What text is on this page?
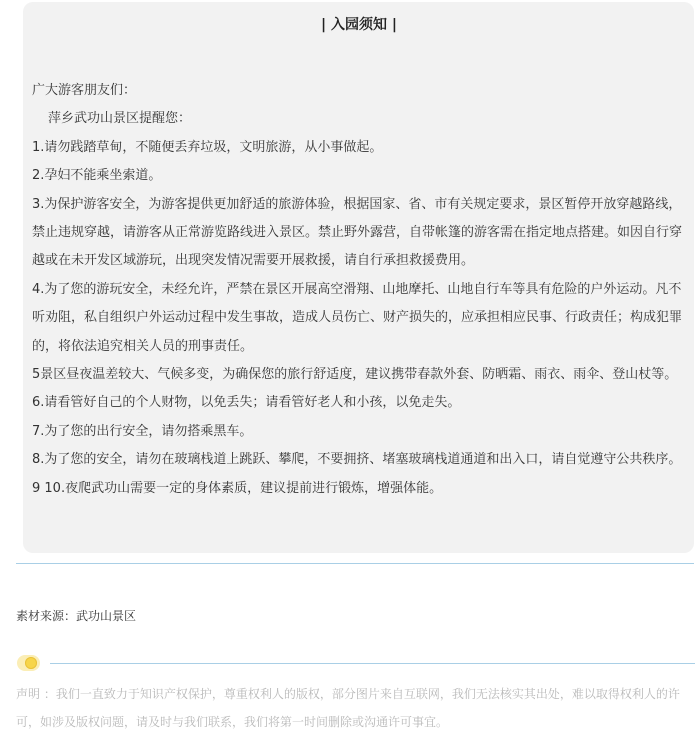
| 入园须知 |
广大游客朋友们：
萍乡武功山景区提醒您：
1.请勿践踏草甸，不随便丢弃垃圾，文明旅游，从小事做起。
2.孕妇不能乘坐索道。
3.为保护游客安全，为游客提供更加舒适的旅游体验，根据国家、省、市有关规定要求，景区暂停开放穿越路线，禁止违规穿越，请游客从正常游览路线进入景区。禁止野外露营，自带帐篷的游客需在指定地点搭建。如因自行穿越或在未开发区域游玩，出现突发情况需要开展救援，请自行承担救援费用。
4.为了您的游玩安全，未经允许，严禁在景区开展高空滑翔、山地摩托、山地自行车等具有危险的户外运动。凡不听劝阻，私自组织户外运动过程中发生事故，造成人员伤亡、财产损失的，应承担相应民事、行政责任；构成犯罪的，将依法追究相关人员的刑事责任。
5景区昼夜温差较大、气候多变，为确保您的旅行舒适度，建议携带春款外套、防晒霜、雨衣、雨伞、登山杖等。
6.请看管好自己的个人财物，以免丢失；请看管好老人和小孩，以免走失。
7.为了您的出行安全，请勿搭乘黑车。
8.为了您的安全，请勿在玻璃栈道上跳跃、攀爬，不要拥挤、堵塞玻璃栈道通道和出入口，请自觉遵守公共秩序。
9 10.夜爬武功山需要一定的身体素质，建议提前进行锻炼，增强体能。
素材来源：武功山景区
声明 ：我们一直致力于知识产权保护，尊重权利人的版权，部分图片来自互联网，我们无法核实其出处，难以取得权利人的许可，如涉及版权问题，请及时与我们联系，我们将第一时间删除或沟通许可事宜。
